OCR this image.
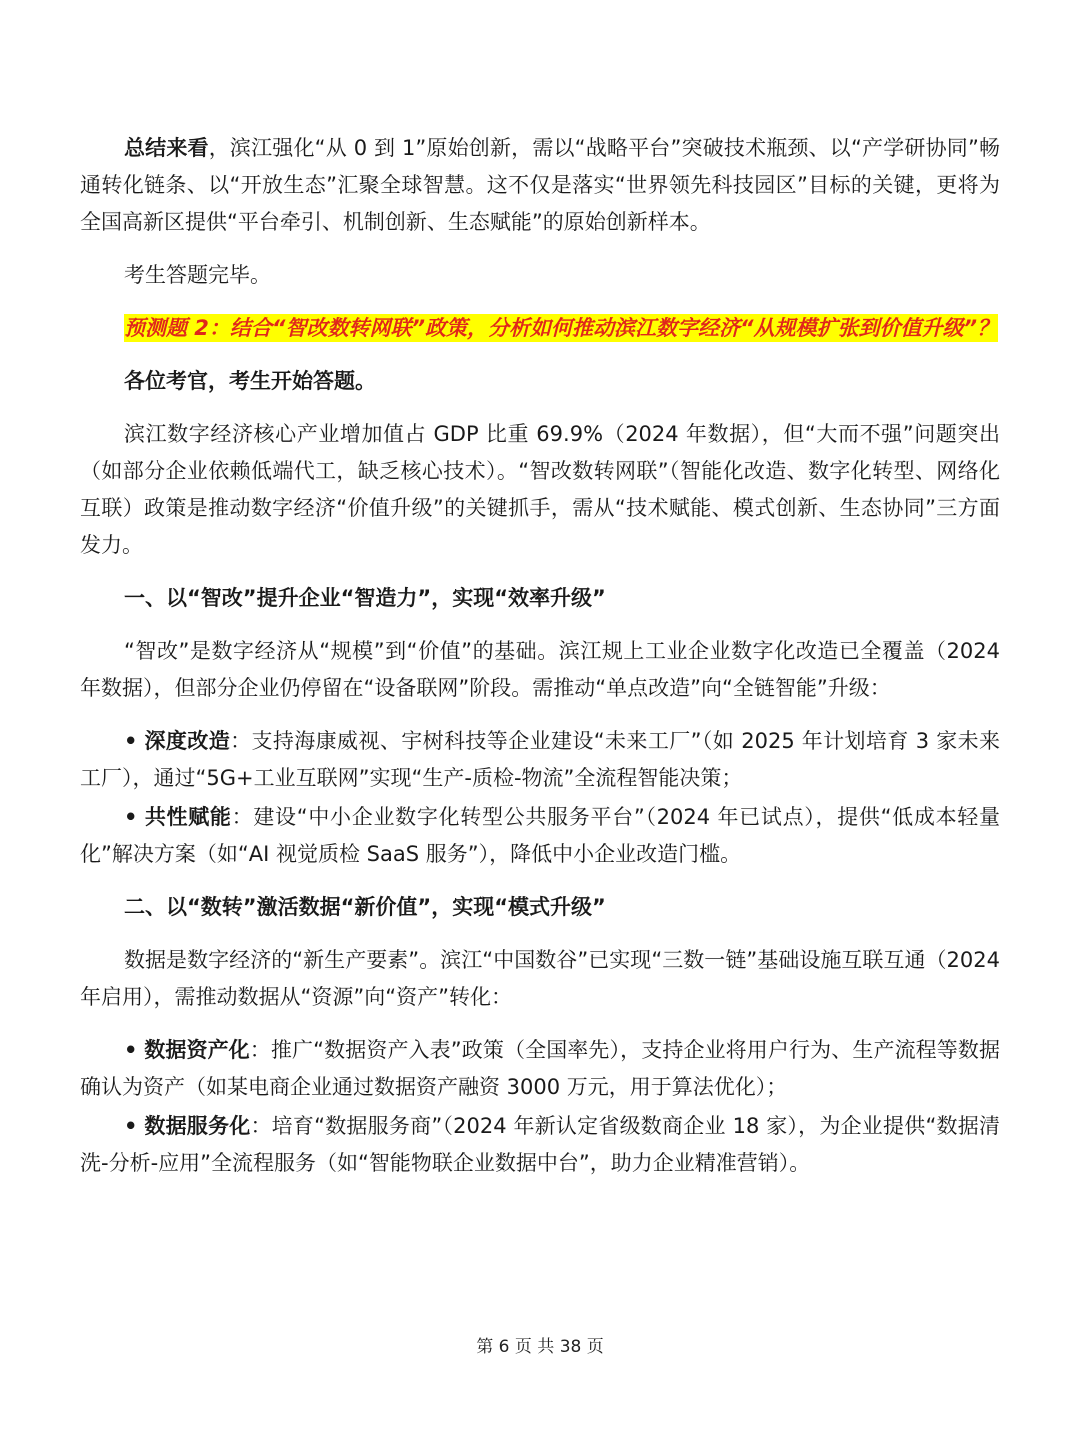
总结来看，滨江强化“从 0 到 1”原始创新，需以“战略平台”突破技术瓶颈、以“产学研协同”畅通转化链条、以“开放生态”汇聚全球智慧。这不仅是落实“世界领先科技园区”目标的关键，更将为全国高新区提供“平台牵引、机制创新、生态赋能”的原始创新样本。

考生答题完毕。

预测题 2：结合“智改数转网联”政策，分析如何推动滨江数字经济“从规模扩张到价值升级”？

各位考官，考生开始答题。

滨江数字经济核心产业增加值占 GDP 比重 69.9%（2024 年数据），但“大而不强”问题突出（如部分企业依赖低端代工，缺乏核心技术）。“智改数转网联”（智能化改造、数字化转型、网络化互联）政策是推动数字经济“价值升级”的关键抓手，需从“技术赋能、模式创新、生态协同”三方面发力。

一、以“智改”提升企业“智造力”，实现“效率升级”

“智改”是数字经济从“规模”到“价值”的基础。滨江规上工业企业数字化改造已全覆盖（2024 年数据），但部分企业仍停留在“设备联网”阶段。需推动“单点改造”向“全链智能”升级：

• 深度改造：支持海康威视、宇树科技等企业建设“未来工厂”（如 2025 年计划培育 3 家未来工厂），通过“5G+工业互联网”实现“生产-质检-物流”全流程智能决策；

• 共性赋能：建设“中小企业数字化转型公共服务平台”（2024 年已试点），提供“低成本轻量化”解决方案（如“AI 视觉质检 SaaS 服务”），降低中小企业改造门槛。

二、以“数转”激活数据“新价值”，实现“模式升级”

数据是数字经济的“新生产要素”。滨江“中国数谷”已实现“三数一链”基础设施互联互通（2024 年启用），需推动数据从“资源”向“资产”转化：

• 数据资产化：推广“数据资产入表”政策（全国率先），支持企业将用户行为、生产流程等数据确认为资产（如某电商企业通过数据资产融资 3000 万元，用于算法优化）；

• 数据服务化：培育“数据服务商”（2024 年新认定省级数商企业 18 家），为企业提供“数据清洗-分析-应用”全流程服务（如“智能物联企业数据中台”，助力企业精准营销）。

第 6 页 共 38 页
